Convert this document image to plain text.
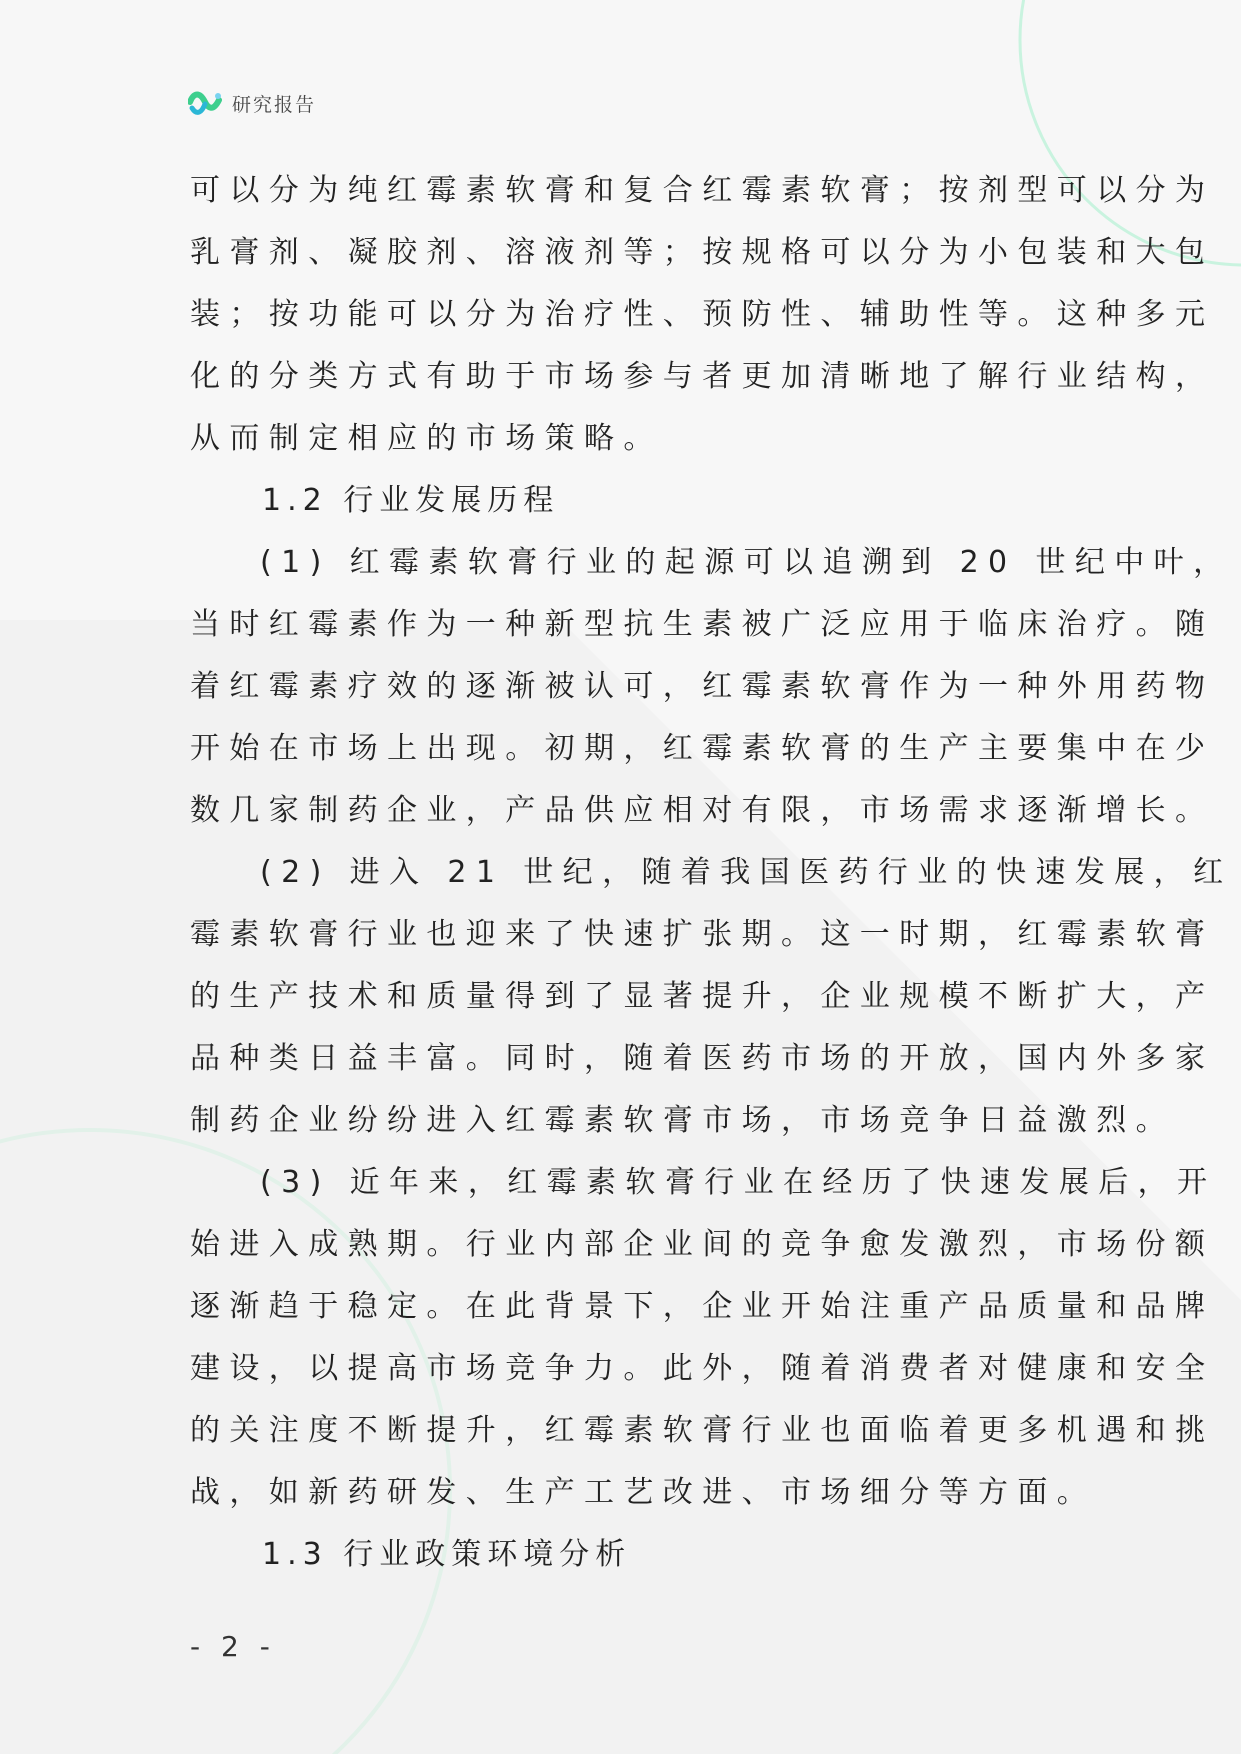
研究报告
可以分为纯红霉素软膏和复合红霉素软膏；按剂型可以分为
乳膏剂、凝胶剂、溶液剂等；按规格可以分为小包装和大包
装；按功能可以分为治疗性、预防性、辅助性等。这种多元
化的分类方式有助于市场参与者更加清晰地了解行业结构，
从而制定相应的市场策略。
1.2 行业发展历程
(1) 红霉素软膏行业的起源可以追溯到 20 世纪中叶，
当时红霉素作为一种新型抗生素被广泛应用于临床治疗。随
着红霉素疗效的逐渐被认可，红霉素软膏作为一种外用药物
开始在市场上出现。初期，红霉素软膏的生产主要集中在少
数几家制药企业，产品供应相对有限，市场需求逐渐增长。
(2) 进入 21 世纪，随着我国医药行业的快速发展，红
霉素软膏行业也迎来了快速扩张期。这一时期，红霉素软膏
的生产技术和质量得到了显著提升，企业规模不断扩大，产
品种类日益丰富。同时，随着医药市场的开放，国内外多家
制药企业纷纷进入红霉素软膏市场，市场竞争日益激烈。
(3) 近年来，红霉素软膏行业在经历了快速发展后，开
始进入成熟期。行业内部企业间的竞争愈发激烈，市场份额
逐渐趋于稳定。在此背景下，企业开始注重产品质量和品牌
建设，以提高市场竞争力。此外，随着消费者对健康和安全
的关注度不断提升，红霉素软膏行业也面临着更多机遇和挑
战，如新药研发、生产工艺改进、市场细分等方面。
1.3 行业政策环境分析
- 2 -
